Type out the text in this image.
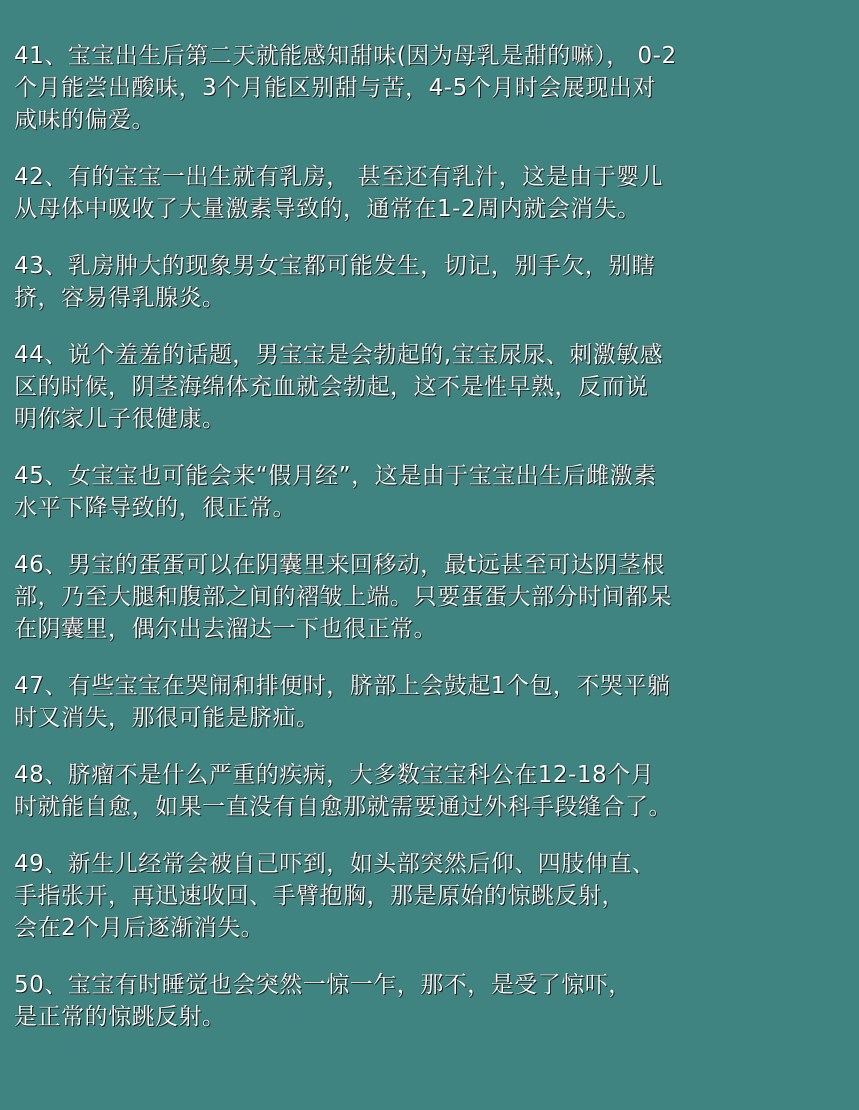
41、宝宝出生后第二天就能感知甜味(因为母乳是甜的嘛）， 0-2
个月能尝出酸味，3个月能区别甜与苦，4-5个月时会展现出对
咸味的偏爱。
42、有的宝宝一出生就有乳房， 甚至还有乳汁，这是由于婴儿
从母体中吸收了大量激素导致的，通常在1-2周内就会消失。
43、乳房肿大的现象男女宝都可能发生，切记，别手欠，别瞎
挤，容易得乳腺炎。
44、说个羞羞的话题，男宝宝是会勃起的,宝宝尿尿、刺激敏感
区的时候，阴茎海绵体充血就会勃起，这不是性早熟，反而说
明你家儿子很健康。
45、女宝宝也可能会来“假月经”，这是由于宝宝出生后雌激素
水平下降导致的，很正常。
46、男宝的蛋蛋可以在阴囊里来回移动，最t远甚至可达阴茎根
部，乃至大腿和腹部之间的褶皱上端。只要蛋蛋大部分时间都呆
在阴囊里，偶尔出去溜达一下也很正常。
47、有些宝宝在哭闹和排便时，脐部上会鼓起1个包，不哭平躺
时又消失，那很可能是脐疝。
48、脐瘤不是什么严重的疾病，大多数宝宝科公在12-18个月
时就能自愈，如果一直没有自愈那就需要通过外科手段缝合了。
49、新生儿经常会被自己吓到，如头部突然后仰、四肢伸直、
手指张开，再迅速收回、手臂抱胸，那是原始的惊跳反射，
会在2个月后逐渐消失。
50、宝宝有时睡觉也会突然一惊一乍，那不，是受了惊吓，
是正常的惊跳反射。
